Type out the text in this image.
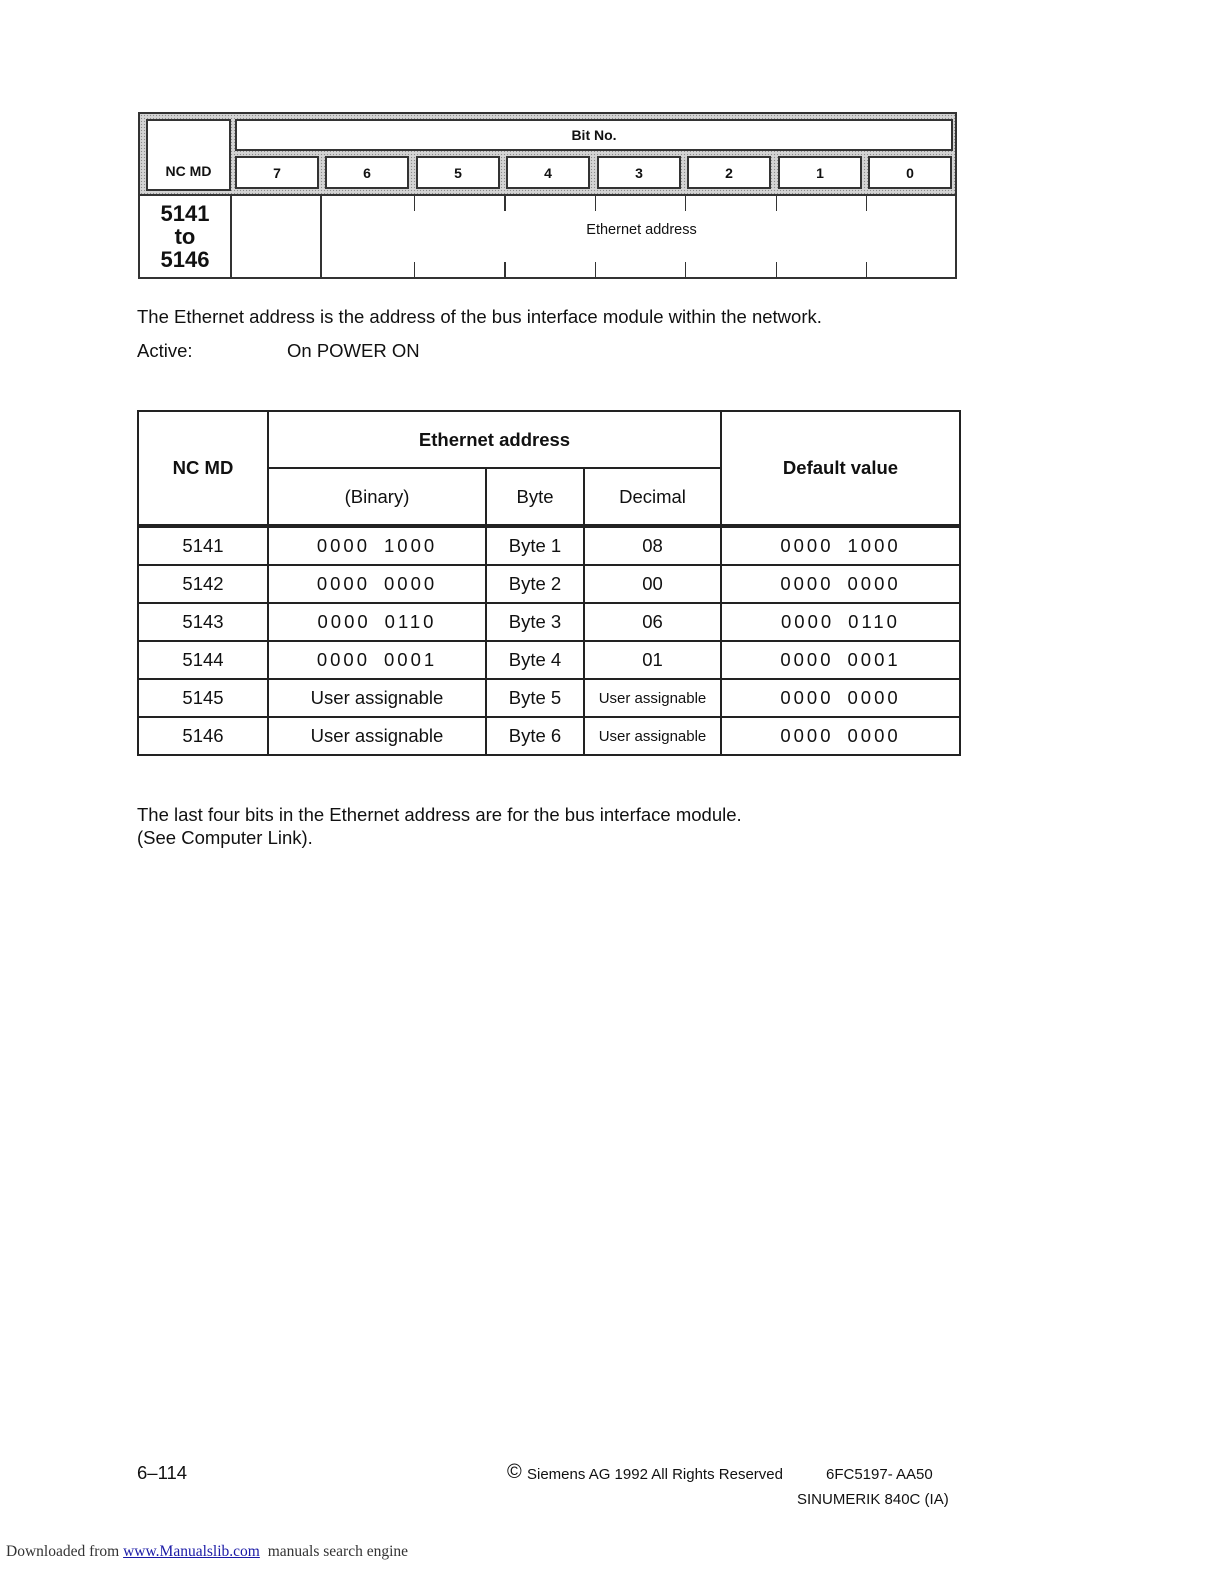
NC MD
Bit No.
7	6	5	4	3	2	1	0
5141
to
5146
Ethernet address
The Ethernet address is the address of the bus interface module within the network.
Active:	On POWER ON
NC MD	Ethernet address			Default value
	(Binary)	Byte	Decimal	
5141	0000 1000	Byte 1	08	0000 1000
5142	0000 0000	Byte 2	00	0000 0000
5143	0000 0110	Byte 3	06	0000 0110
5144	0000 0001	Byte 4	01	0000 0001
5145	User assignable	Byte 5	User assignable	0000 0000
5146	User assignable	Byte 6	User assignable	0000 0000
The last four bits in the Ethernet address are for the bus interface module.
(See Computer Link).
6–114	© Siemens AG 1992 All Rights Reserved	6FC5197- AA50
SINUMERIK 840C (IA)
Downloaded from www.Manualslib.com manuals search engine
